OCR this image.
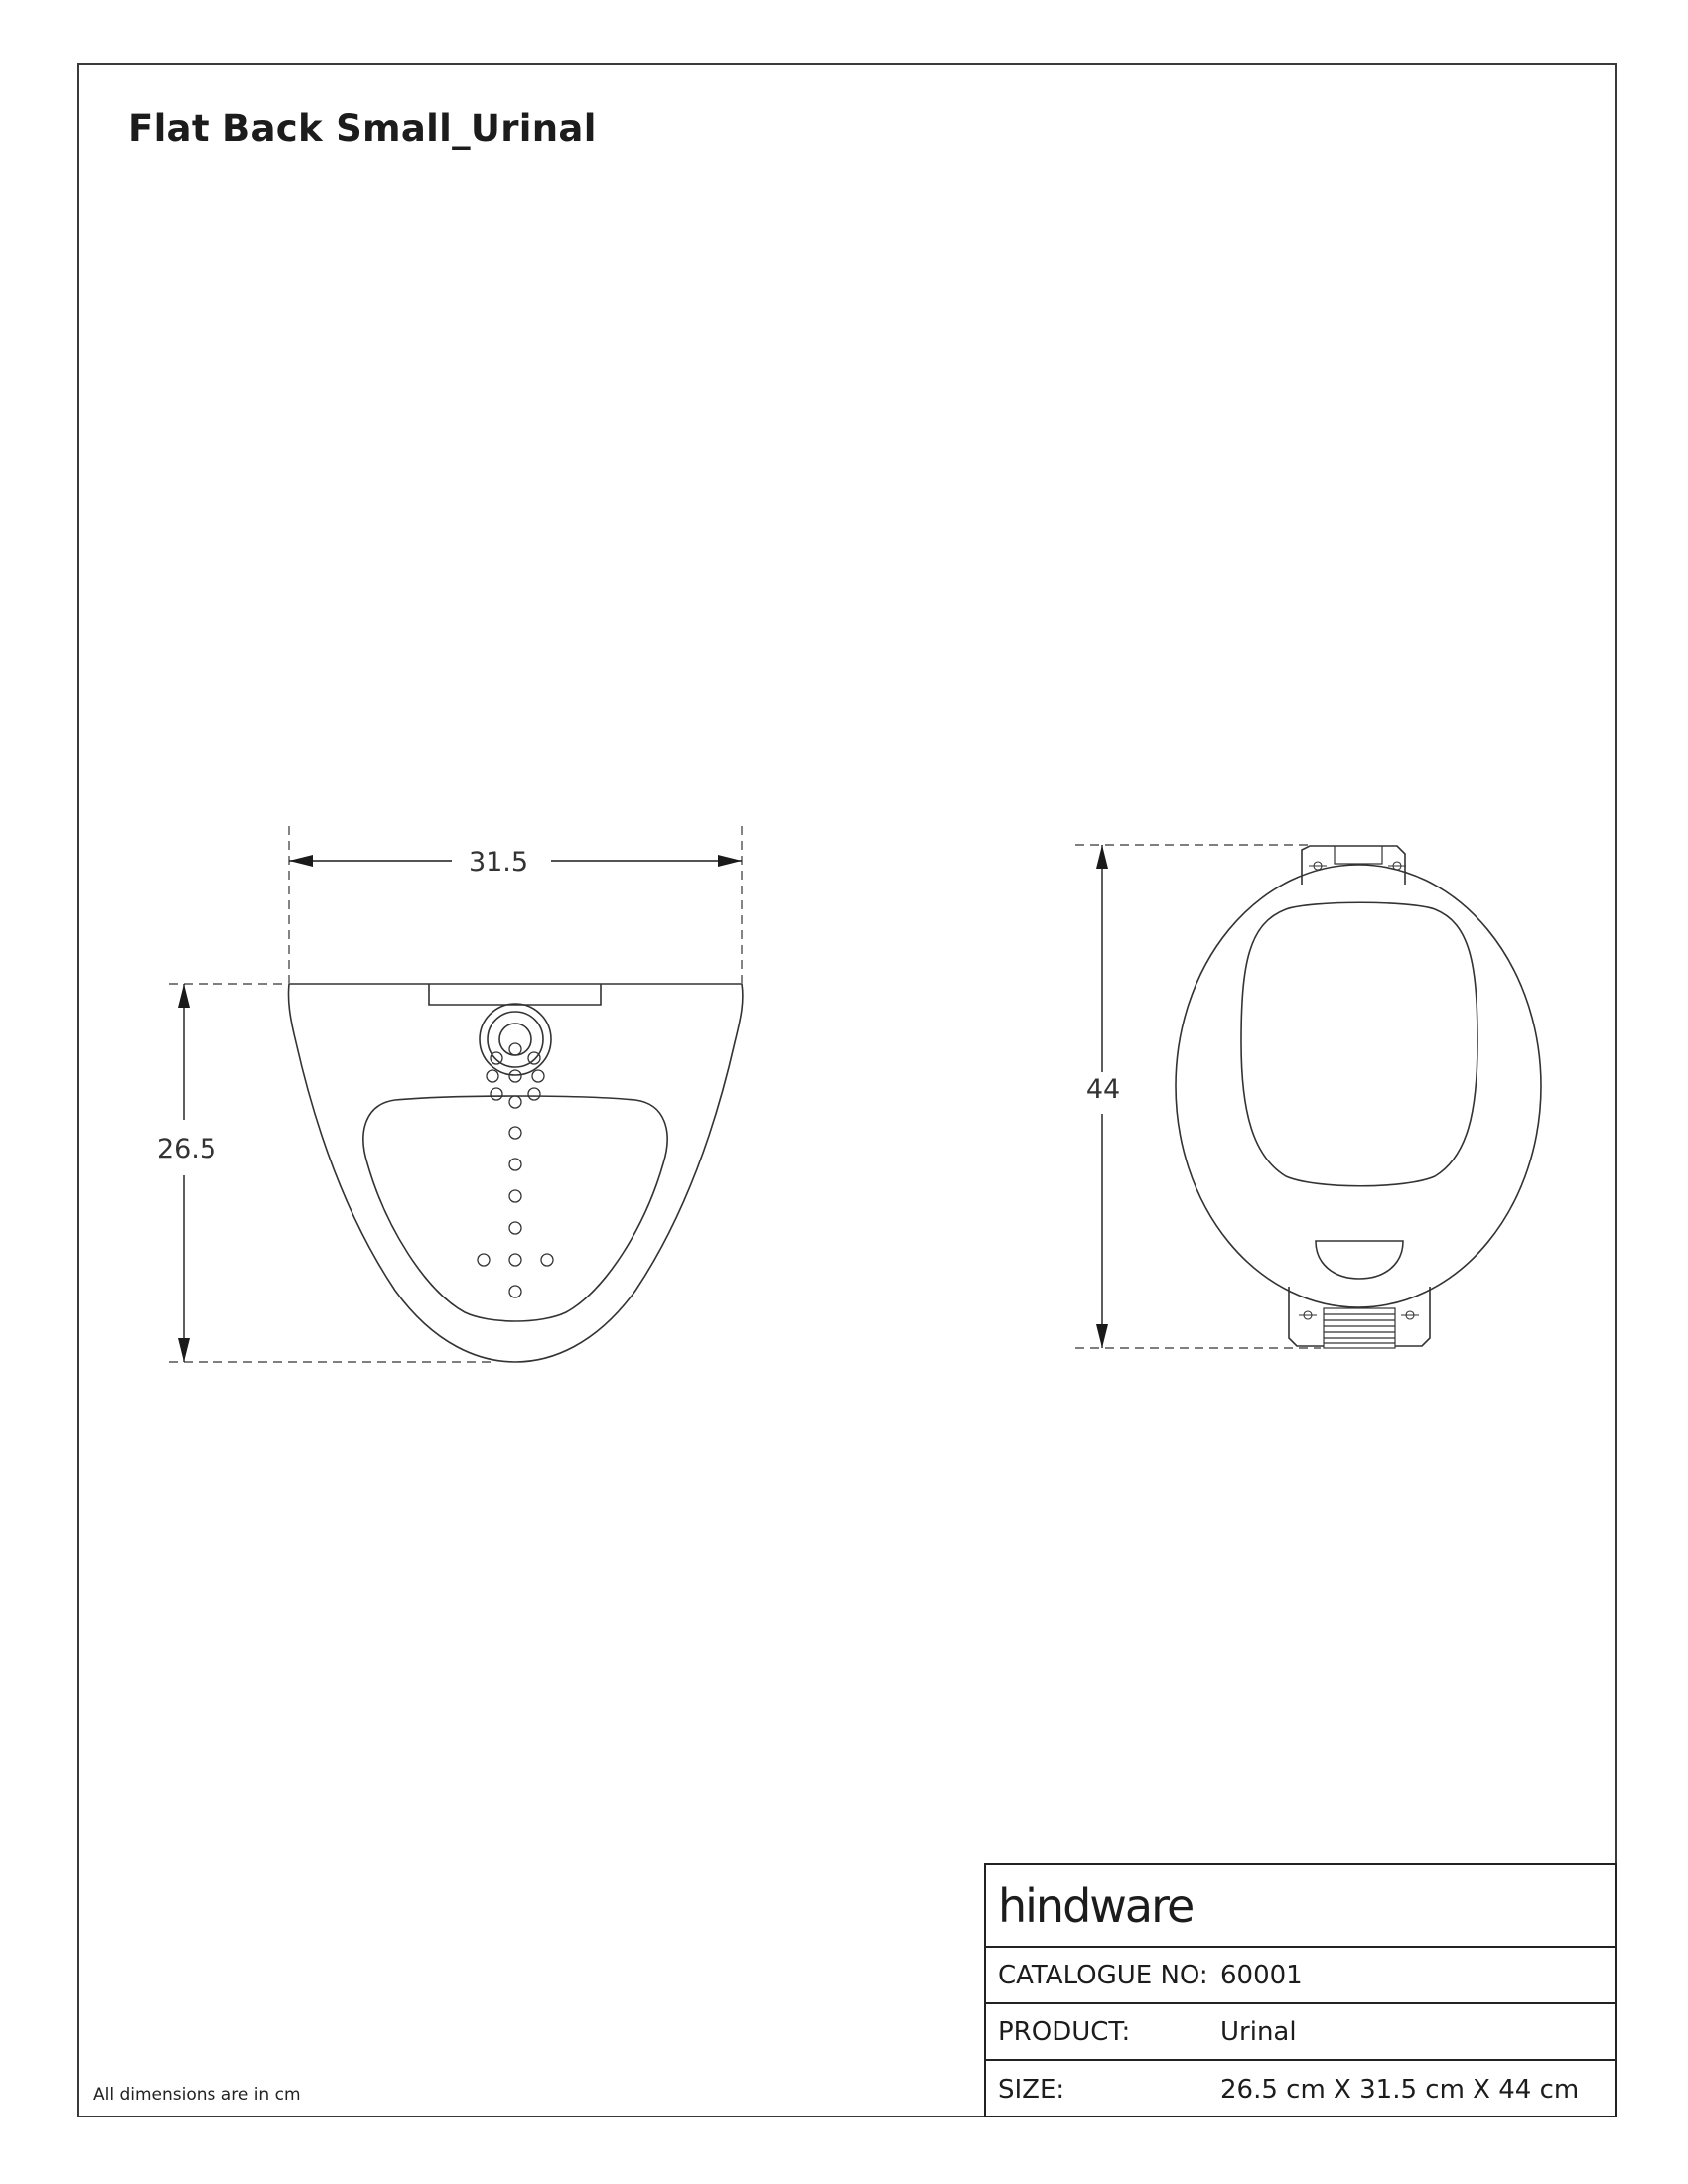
Flat Back Small_Urinal
31.5
26.5
44
All dimensions are in cm
hindware
CATALOGUE NO: 60001
PRODUCT:	Urinal
SIZE:	26.5 cm X 31.5 cm X 44 cm
